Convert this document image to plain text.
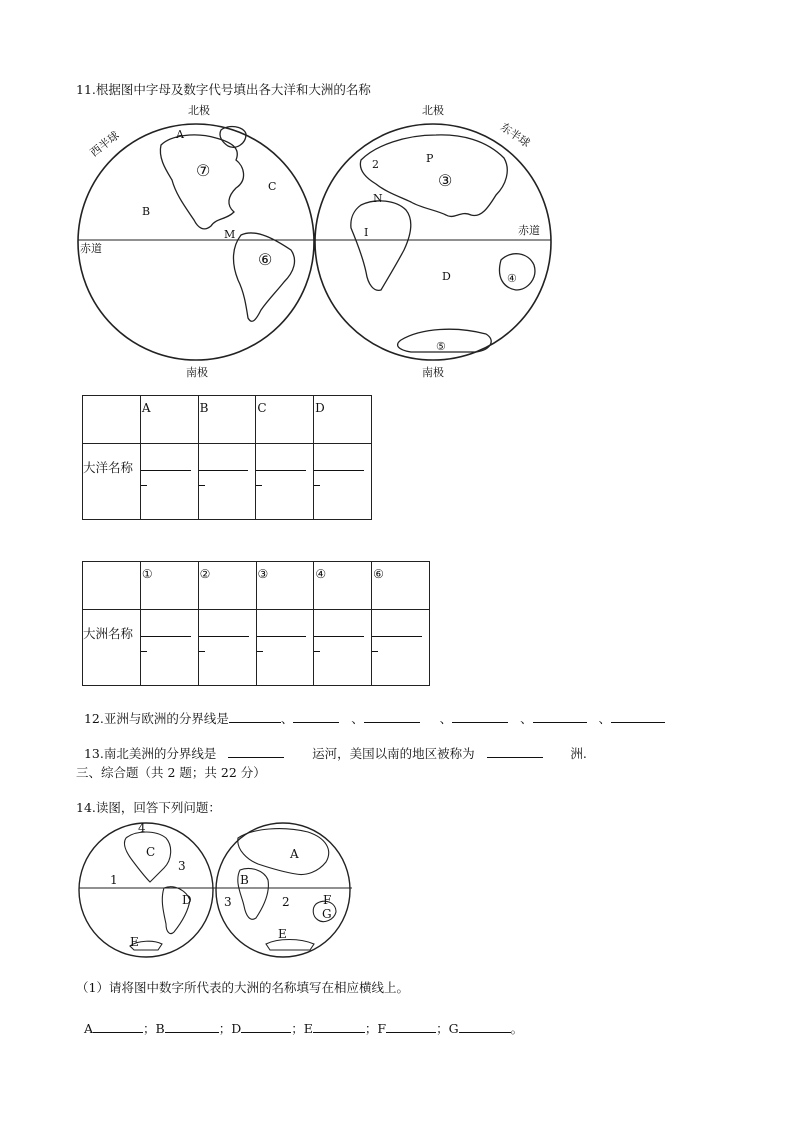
11.根据图中字母及数字代号填出各大洋和大洲的名称
北极	北极
南极	南极
西半球	东半球
赤道
赤道
A
B
C
M
⑦
⑥
③
I
D	④
⑤
N
P
2
	A	B	C	D
大洋名称	

	①	②	③	④	⑥
大洲名称	

12.亚洲与欧洲的分界线是	、	、	、	、	、

13.南北美洲的分界线是	运河，美国以南的地区被称为	洲.

三、综合题（共 2 题；共 22 分）
14.读图，回答下列问题：
4
C
3
1
D
E
A
B
3	2	F
G
E
（1）请将图中数字所代表的大洲的名称填写在相应横线上。

A	；B	；D	；E	；F	；G	。
